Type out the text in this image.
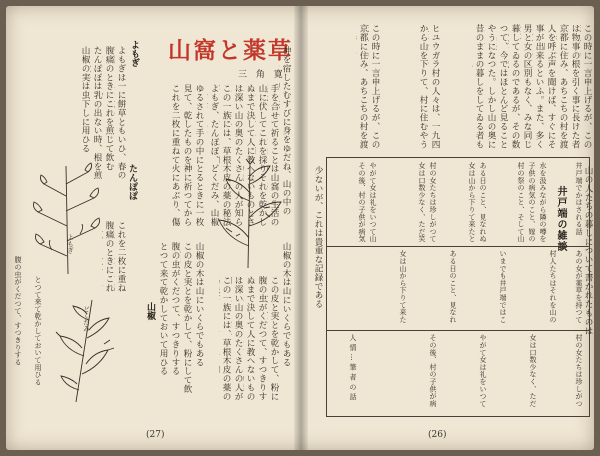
山窩と薬草
三 角 寛
神を宿したむすびに身をゆだね、山の中の
手を合せて祈ることは山窩の生活の
山に伏してこれを採りそれを乾かし
ぬまで決して人に教へないものとさ
は深い山の奥のたくさんの人が知ら
この一族には、草根木皮の薬の秘法
よもぎ、たんぽぽ、どくだみ、山椒
ゆるされて手の中にとるときに一枚
見て、乾したものを神に祈つてから
これを二枚に重ねて火にあぶり、傷
よもぎ
よもぎは一に餅草ともいひ、春の
腹痛のときにこれを煎じて飲む
たんぽぽは乳の出ない時、根を煎
山椒の実は虫下しに用ひる
よもぎ
たんぽぽ
山椒の木は山にいくらでもある
この皮と実とを乾かして、粉にして飲
腹の虫がくだつて、すつきりする
とつて来て乾かしておいて用ひる
これを二枚に重ね
腹痛のときにこれ
山椒
どくだみ
腹の虫がくだつて、すつきりする とつて来て乾かしておいて用ひる	山椒の木は山にいくらでもある
この皮と実とを乾かして、粉に
腹の虫がくだつて、すつきりす
ぬまで決して人に教へないもの
は深い山の奥のたくさんの人が
この一族には、草根木皮の薬の
(27)
この時に一言申上げるが、この
は物事の根を引く事に長けた者
京都に住み、あちこちの村を渡
人を呼ぶ声を聞けば、すぐにそ
事が出来るといふ。また、多く
男と女の区別もなく、みな同じ
暮してゐるのであるが、その数
つて、今ではほとんど見ること
やうになつた。しかし山の奥に
昔のままの暮しをしてゐる者も
ヒユウガラ村の人々は、一九四
から山を下りて、村に住むやう
この時に一言申上げるが、この
京都に住み、あちこちの村を渡
井戸端の雑談
井戸端でかはされる話
水を汲みながら隣の噂を
子供の病気のこと、嫁の
村の祭のこと、そして山
ある日のこと、見なれぬ
女は山から下りて来たと
村の女たちは珍しがつて
女は口数少なく、ただ笑
やがて女は礼をいつて山
その後、村の子供が病気
あの女が薬草を持つて
村人たちはそれを山の
いまでも井戸端ではこ
ある日のこと、見なれ
女は山から下りて来た
村の女たちは珍しがつ
女は口数少なく、ただ
やがて女は礼をいつて
その後、村の子供が病
人 情 … 筆 者 の 話
山の人たちの暮しについて書かれたものは
少ないが、これは貴重な記録である
(26)
